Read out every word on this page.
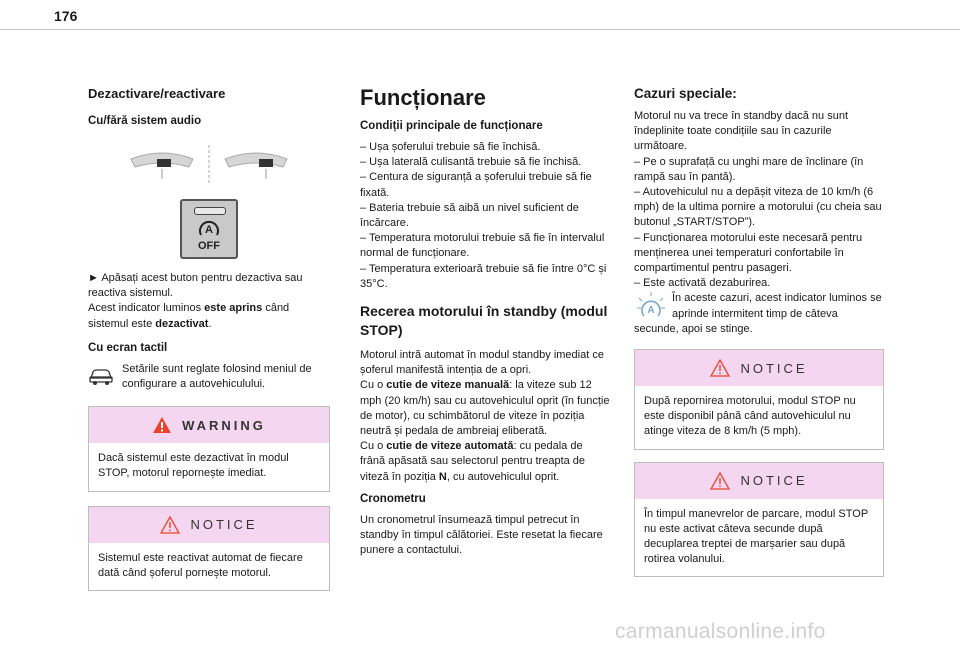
176
Dezactivare/reactivare
Cu/fără sistem audio
A
OFF

► Apăsați acest buton pentru dezactiva sau reactiva sistemul.

Acest indicator luminos este aprins când sistemul este dezactivat.

Cu ecran tactil

Setările sunt reglate folosind meniul de configurare a autovehiculului.

WARNING
Dacă sistemul este dezactivat în modul STOP, motorul repornește imediat.
NOTICE
Sistemul este reactivat automat de fiecare dată când șoferul pornește motorul.
Funcționare
Condiții principale de funcționare

– Ușa șoferului trebuie să fie închisă.

– Ușa laterală culisantă trebuie să fie închisă.

– Centura de siguranță a șoferului trebuie să fie fixată.

– Bateria trebuie să aibă un nivel suficient de încărcare.

– Temperatura motorului trebuie să fie în intervalul normal de funcționare.

– Temperatura exterioară trebuie să fie între 0°C și 35°C.

Recerea motorului în standby (modul STOP)

Motorul intră automat în modul standby imediat ce șoferul manifestă intenția de a opri.

Cu o cutie de viteze manuală: la viteze sub 12 mph (20 km/h) sau cu autovehiculul oprit (în funcție de motor), cu schimbătorul de viteze în poziția neutră și pedala de ambreiaj eliberată.

Cu o cutie de viteze automată: cu pedala de frână apăsată sau selectorul pentru treapta de viteză în poziția N, cu autovehiculul oprit.

Cronometru

Un cronometrul însumează timpul petrecut în standby în timpul călătoriei. Este resetat la fiecare punere a contactului.

Cazuri speciale:

Motorul nu va trece în standby dacă nu sunt îndeplinite toate condițiile sau în cazurile următoare.

– Pe o suprafață cu unghi mare de înclinare (în rampă sau în pantă).

– Autovehiculul nu a depășit viteza de 10 km/h (6 mph) de la ultima pornire a motorului (cu cheia sau butonul „START/STOP”).

– Funcționarea motorului este necesară pentru menținerea unei temperaturi confortabile în compartimentul pentru pasageri.

– Este activată dezaburirea.

A
În aceste cazuri, acest indicator luminos se aprinde intermitent timp de câteva secunde, apoi se stinge.

NOTICE
După repornirea motorului, modul STOP nu este disponibil până când autovehiculul nu atinge viteza de 8 km/h (5 mph).
NOTICE
În timpul manevrelor de parcare, modul STOP nu este activat câteva secunde după decuplarea treptei de marșarier sau după rotirea volanului.
carmanualsonline.info
